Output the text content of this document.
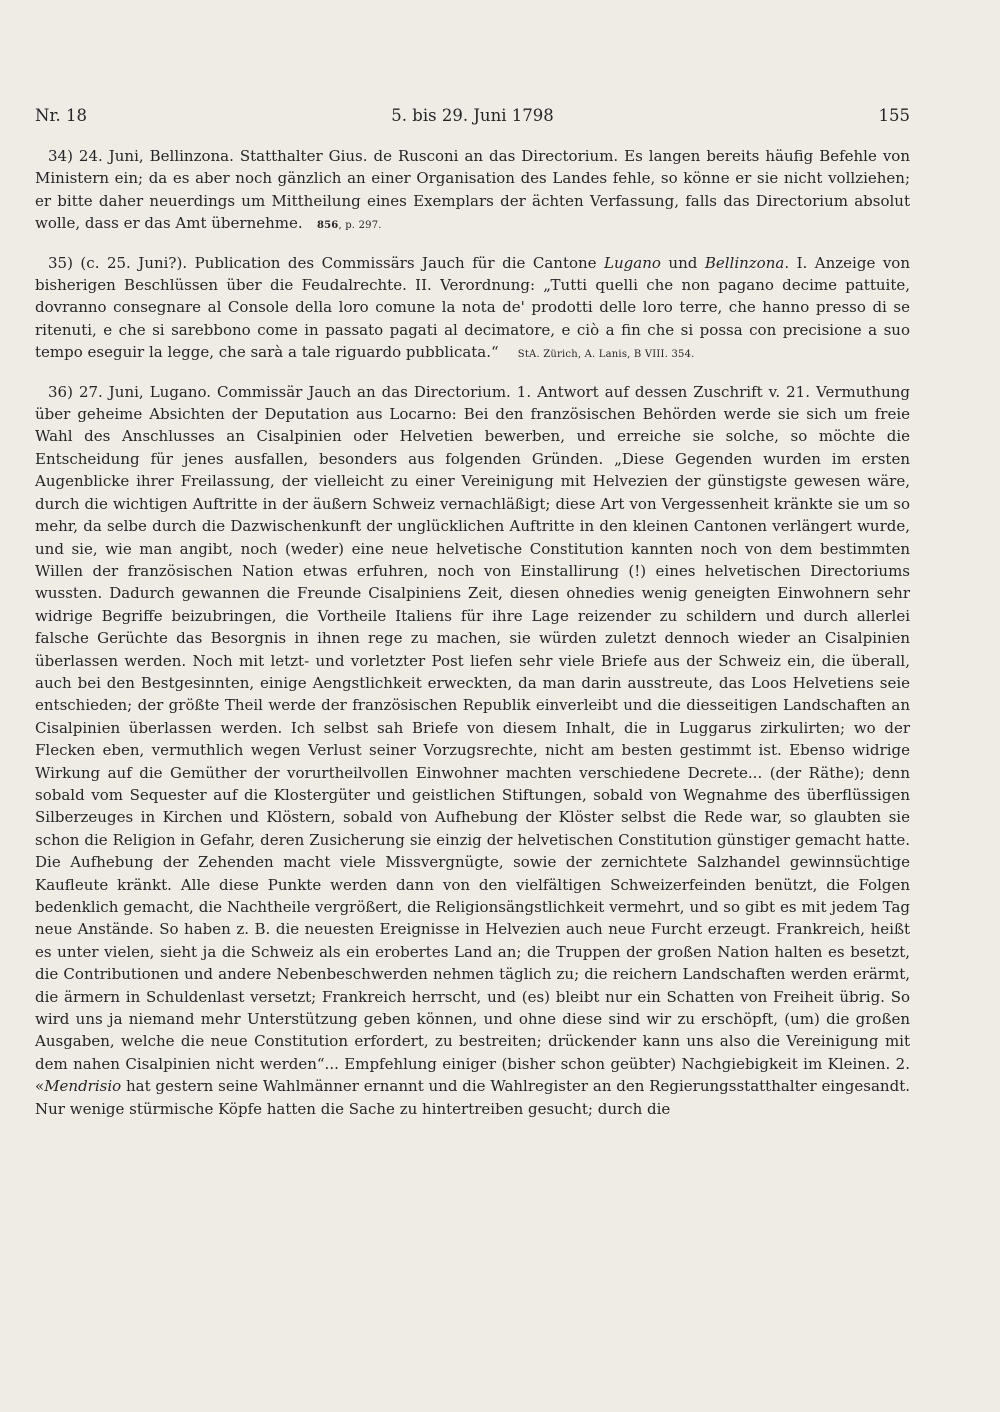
Nr. 18	5. bis 29. Juni 1798	155

34) 24. Juni, Bellinzona. Statthalter Gius. de Rusconi an das Directorium. Es langen bereits häufig Befehle von Ministern ein; da es aber noch gänzlich an einer Organisation des Landes fehle, so könne er sie nicht vollziehen; er bitte daher neuerdings um Mittheilung eines Exemplars der ächten Verfassung, falls das Directorium absolut wolle, dass er das Amt übernehme. 856, p. 297.

35) (c. 25. Juni?). Publication des Commissärs Jauch für die Cantone Lugano und Bellinzona. I. Anzeige von bisherigen Beschlüssen über die Feudalrechte. II. Verordnung: „Tutti quelli che non pagano decime pattuite, dovranno consegnare al Console della loro comune la nota de' prodotti delle loro terre, che hanno presso di se ritenuti, e che si sarebbono come in passato pagati al decimatore, e ciò a fin che si possa con precisione a suo tempo eseguir la legge, che sarà a tale riguardo pubblicata.“ StA. Zürich, A. Lanis, B VIII. 354.

36) 27. Juni, Lugano. Commissär Jauch an das Directorium. 1. Antwort auf dessen Zuschrift v. 21. Vermuthung über geheime Absichten der Deputation aus Locarno: Bei den französischen Behörden werde sie sich um freie Wahl des Anschlusses an Cisalpinien oder Helvetien bewerben, und erreiche sie solche, so möchte die Entscheidung für jenes ausfallen, besonders aus folgenden Gründen. „Diese Gegenden wurden im ersten Augenblicke ihrer Freilassung, der vielleicht zu einer Vereinigung mit Helvezien der günstigste gewesen wäre, durch die wichtigen Auftritte in der äußern Schweiz vernachläßigt; diese Art von Vergessenheit kränkte sie um so mehr, da selbe durch die Dazwischenkunft der unglücklichen Auftritte in den kleinen Cantonen verlängert wurde, und sie, wie man angibt, noch (weder) eine neue helvetische Constitution kannten noch von dem bestimmten Willen der französischen Nation etwas erfuhren, noch von Einstallirung (!) eines helvetischen Directoriums wussten. Dadurch gewannen die Freunde Cisalpiniens Zeit, diesen ohnedies wenig geneigten Einwohnern sehr widrige Begriffe beizubringen, die Vortheile Italiens für ihre Lage reizender zu schildern und durch allerlei falsche Gerüchte das Besorgnis in ihnen rege zu machen, sie würden zuletzt dennoch wieder an Cisalpinien überlassen werden. Noch mit letzt- und vorletzter Post liefen sehr viele Briefe aus der Schweiz ein, die überall, auch bei den Bestgesinnten, einige Aengstlichkeit erweckten, da man darin ausstreute, das Loos Helvetiens seie entschieden; der größte Theil werde der französischen Republik einverleibt und die diesseitigen Landschaften an Cisalpinien überlassen werden. Ich selbst sah Briefe von diesem Inhalt, die in Luggarus zirkulirten; wo der Flecken eben, vermuthlich wegen Verlust seiner Vorzugsrechte, nicht am besten gestimmt ist. Ebenso widrige Wirkung auf die Gemüther der vorurtheilvollen Einwohner machten verschiedene Decrete... (der Räthe); denn sobald vom Sequester auf die Klostergüter und geistlichen Stiftungen, sobald von Wegnahme des überflüssigen Silberzeuges in Kirchen und Klöstern, sobald von Aufhebung der Klöster selbst die Rede war, so glaubten sie schon die Religion in Gefahr, deren Zusicherung sie einzig der helvetischen Constitution günstiger gemacht hatte. Die Aufhebung der Zehenden macht viele Missvergnügte, sowie der zernichtete Salzhandel gewinnsüchtige Kaufleute kränkt. Alle diese Punkte werden dann von den vielfältigen Schweizerfeinden benützt, die Folgen bedenklich gemacht, die Nachtheile vergrößert, die Religionsängstlichkeit vermehrt, und so gibt es mit jedem Tag neue Anstände. So haben z. B. die neuesten Ereignisse in Helvezien auch neue Furcht erzeugt. Frankreich, heißt es unter vielen, sieht ja die Schweiz als ein erobertes Land an; die Truppen der großen Nation halten es besetzt, die Contributionen und andere Nebenbeschwerden nehmen täglich zu; die reichern Landschaften werden erärmt, die ärmern in Schuldenlast versetzt; Frankreich herrscht, und (es) bleibt nur ein Schatten von Freiheit übrig. So wird uns ja niemand mehr Unterstützung geben können, und ohne diese sind wir zu erschöpft, (um) die großen Ausgaben, welche die neue Constitution erfordert, zu bestreiten; drückender kann uns also die Vereinigung mit dem nahen Cisalpinien nicht werden“... Empfehlung einiger (bisher schon geübter) Nachgiebigkeit im Kleinen. 2. «Mendrisio hat gestern seine Wahlmänner ernannt und die Wahlregister an den Regierungsstatthalter eingesandt. Nur wenige stürmische Köpfe hatten die Sache zu hintertreiben gesucht; durch die
